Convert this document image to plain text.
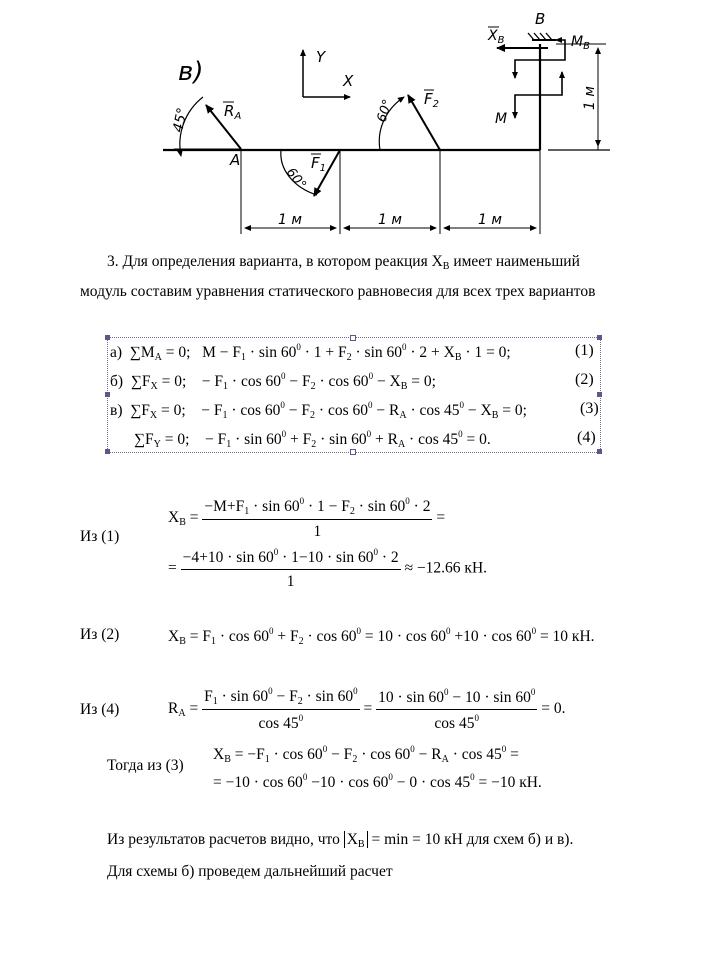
в)	Y
X
A
B
45° $R_A$
60°
$F_1$
60° $F_2$
$X_B$	$M_B$
M
1 м
1 м	1 м	1 м
3. Для определения варианта, в котором реакция $X_B$ имеет наименьший
модуль составим уравнения статического равновесия для всех трех вариантов
а) $\sum M_A = 0$;   $M - F_1 \cdot \sin 60^0 \cdot 1 + F_2 \cdot \sin 60^0 \cdot 2 + X_B \cdot 1 = 0$;	(1)
б) $\sum F_X = 0$;    − $F_1 \cdot \cos 60^0 - F_2 \cdot \cos 60^0 - X_B = 0$;	(2)
в) $\sum F_X = 0$;    − $F_1 \cdot \cos 60^0 - F_2 \cdot \cos 60^0 - R_A \cdot \cos 45^0 - X_B = 0$;	(3)
$\sum F_Y = 0$;    − $F_1 \cdot \sin 60^0 + F_2 \cdot \sin 60^0 + R_A \cdot \cos 45^0 = 0$.	(4)
Из (1)
$X_B = \frac{-M+F_1 \cdot \sin 60^0 \cdot 1 - F_2 \cdot \sin 60^0 \cdot 2}{1}$ =
= $\frac{-4+10 \cdot \sin 60^0 \cdot 1-10 \cdot \sin 60^0 \cdot 2}{1} \approx -12.66$ кН.
Из (2)	$X_B = F_1 \cdot \cos 60^0 + F_2 \cdot \cos 60^0 = 10 \cdot \cos 60^0 +10 \cdot \cos 60^0 = 10$ кН.
Из (4)	$R_A = \frac{F_1 \cdot \sin 60^0 - F_2 \cdot \sin 60^0}{\cos 45^0} = \frac{10 \cdot \sin 60^0 - 10 \cdot \sin 60^0}{\cos 45^0} = 0$.
Тогда из (3)
$X_B = -F_1 \cdot \cos 60^0 - F_2 \cdot \cos 60^0 - R_A \cdot \cos 45^0$ =
= $-10 \cdot \cos 60^0 -10 \cdot \cos 60^0 - 0 \cdot \cos 45^0 = -10$ кН.
Из результатов расчетов видно, что $X_B = \min = 10$ кН для схем б) и в).
Для схемы б) проведем дальнейший расчет
